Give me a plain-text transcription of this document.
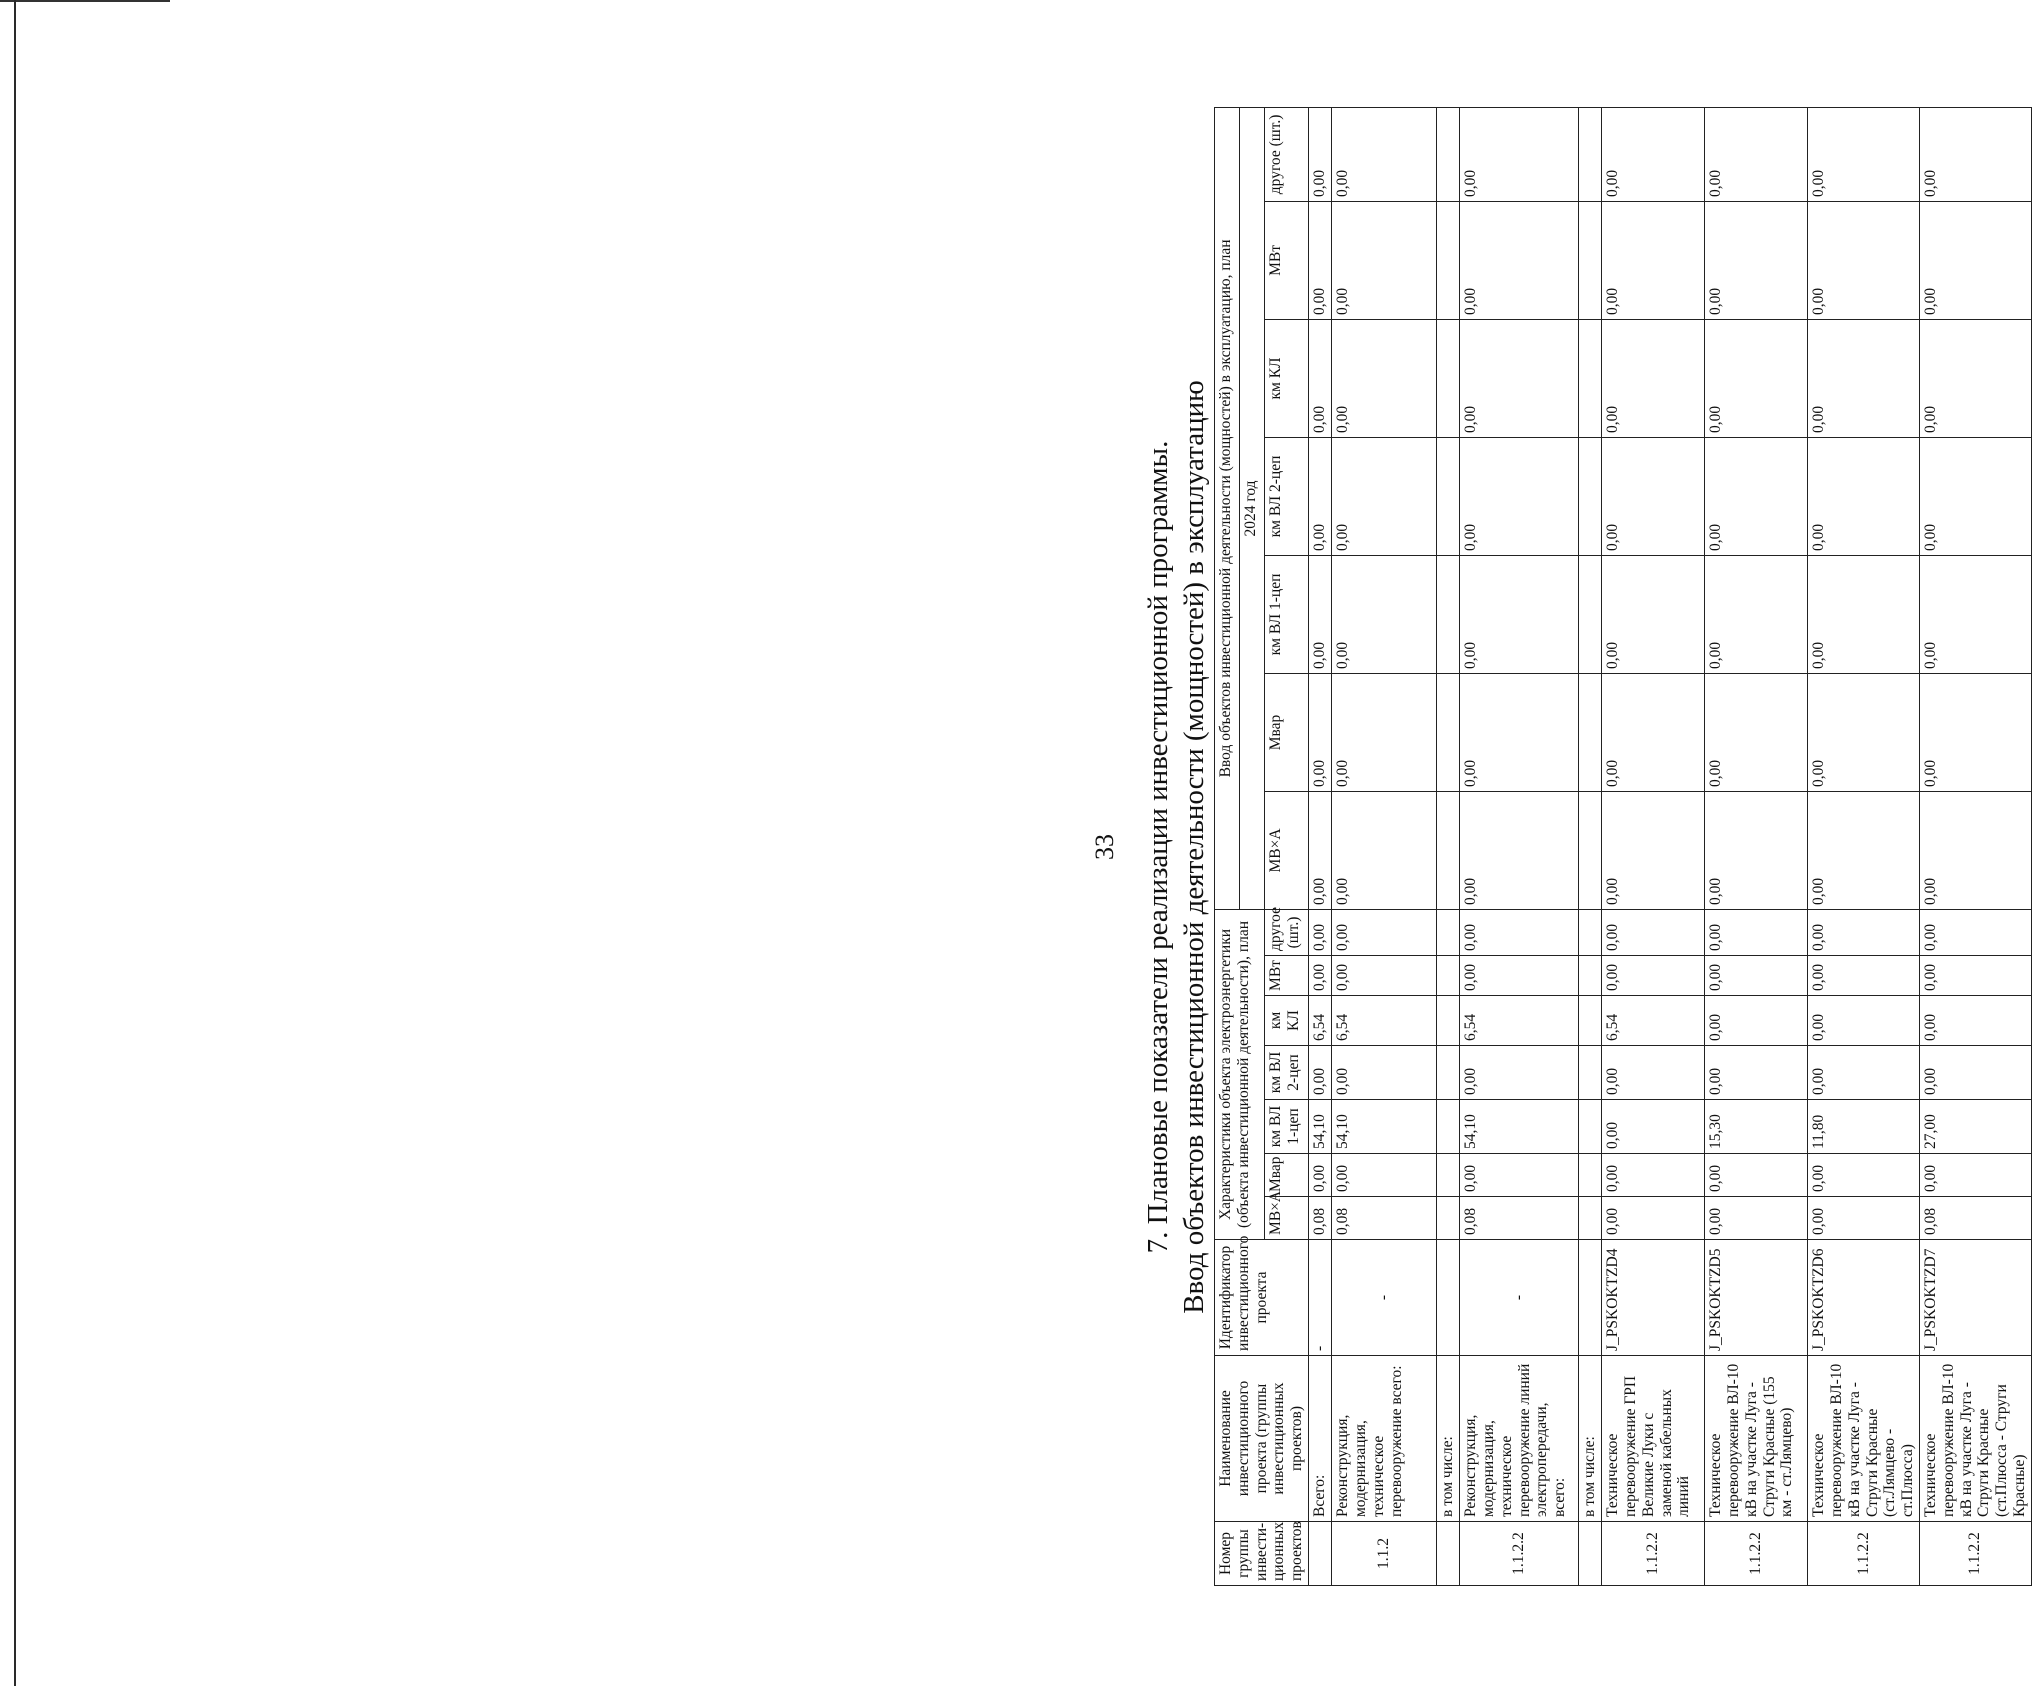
33 7. Плановые показатели реализации инвестиционной программы. Ввод объектов инвестиционной деятельности (мощностей) в эксплуатацию
Номер группы инвести-ционных проектов	Наименование инвестиционного проекта (группы инвестиционных проектов)	Идентификатор инвестиционного проекта	Характеристики объекта электроэнергетики (объекта инвестиционной деятельности), план							Ввод объектов инвестиционной деятельности (мощностей) в эксплуатацию, план						
										2024 год						
			МВ×А	Мвар	км ВЛ 1-цеп	км ВЛ 2-цеп	км КЛ	МВт	другое (шт.)	МВ×А	Мвар	км ВЛ 1-цеп	км ВЛ 2-цеп	км КЛ	МВт	другое (шт.)
	Всего:	-	0,08	0,00	54,10	0,00	6,54	0,00	0,00	0,00	0,00	0,00	0,00	0,00	0,00	0,00
1.1.2	Реконструкция, модернизация, техническое перевооружение всего:	-	0,08	0,00	54,10	0,00	6,54	0,00	0,00	0,00	0,00	0,00	0,00	0,00	0,00	0,00
	в том числе:															
1.1.2.2	Реконструкция, модернизация, техническое перевооружение линий электропередачи, всего:	-	0,08	0,00	54,10	0,00	6,54	0,00	0,00	0,00	0,00	0,00	0,00	0,00	0,00	0,00
	в том числе:															
1.1.2.2	Техническое перевооружение ГРП Великие Луки с заменой кабельных линий	J_PSKOKTZD4	0,00	0,00	0,00	0,00	6,54	0,00	0,00	0,00	0,00	0,00	0,00	0,00	0,00	0,00
1.1.2.2	Техническое перевооружение ВЛ-10 кВ на участке Луга - Струги Красные (155 км - ст.Лямцево)	J_PSKOKTZD5	0,00	0,00	15,30	0,00	0,00	0,00	0,00	0,00	0,00	0,00	0,00	0,00	0,00	0,00
1.1.2.2	Техническое перевооружение ВЛ-10 кВ на участке Луга - Струги Красные (ст.Лямцево - ст.Плюсса)	J_PSKOKTZD6	0,00	0,00	11,80	0,00	0,00	0,00	0,00	0,00	0,00	0,00	0,00	0,00	0,00	0,00
1.1.2.2	Техническое перевооружение ВЛ-10 кВ на участке Луга - Струги Красные (ст.Плюсса - Струги Красные)	J_PSKOKTZD7	0,08	0,00	27,00	0,00	0,00	0,00	0,00	0,00	0,00	0,00	0,00	0,00	0,00	0,00
